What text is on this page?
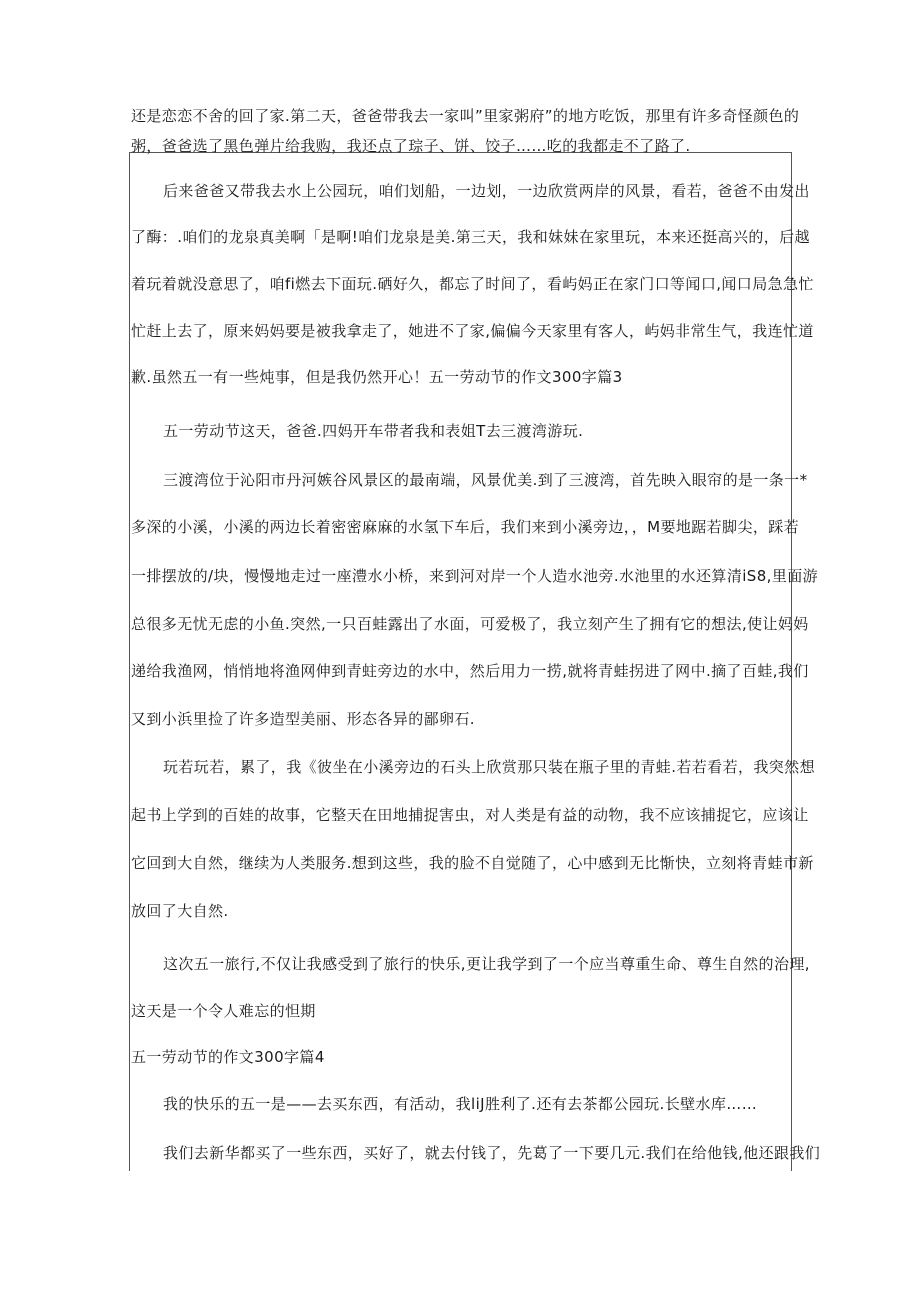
还是恋恋不舍的回了家.第二天，爸爸带我去一家叫”里家粥府”的地方吃饭，那里有许多奇怪颜色的
粥，爸爸选了黑色弹片给我购，我还点了琮子、饼、饺子……吃的我都走不了路了.
后来爸爸又带我去水上公园玩，咱们划船，一边划，一边欣赏两岸的风景，看若，爸爸不由发出
了酶：.咱们的龙泉真美啊「是啊!咱们龙泉是美.第三天，我和妹妹在家里玩，本来还挺高兴的，后越
着玩着就没意思了，咱fi燃去下面玩.硒好久，都忘了时间了，看屿妈正在家门口等闻口,闻口局急急忙
忙赶上去了，原来妈妈要是被我拿走了，她进不了家,偏偏今天家里有客人，屿妈非常生气，我连忙道
歉.虽然五一有一些炖事，但是我仍然开心！五一劳动节的作文300字篇3
五一劳动节这天，爸爸.四妈开车带者我和表姐T去三渡湾游玩.
三渡湾位于沁阳市丹河嫉谷风景区的最南端，风景优美.到了三渡湾，首先映入眼帘的是一条一*
多深的小溪，小溪的两边长着密密麻麻的水氢下车后，我们来到小溪旁边，，M要地踞若脚尖，踩若
一排摆放的/块，慢慢地走过一座澧水小桥，来到河对岸一个人造水池旁.水池里的水还算清iS8,里面游
总很多无忧无虑的小鱼.突然,一只百蛙露出了水面，可爱极了，我立刻产生了拥有它的想法,使让妈妈
递给我渔网，悄悄地将渔网伸到青蛀旁边的水中，然后用力一捞,就将青蛙拐进了网中.摘了百蛙,我们
又到小浜里捡了许多造型美丽、形态各异的鄙卵石.
玩若玩若，累了，我《彼坐在小溪旁边的石头上欣赏那只装在瓶子里的青蛙.若若看若，我突然想
起书上学到的百娃的故事，它整天在田地捕捉害虫，对人类是有益的动物，我不应该捕捉它，应该让
它回到大自然，继续为人类服务.想到这些，我的脸不自觉随了，心中感到无比惭快，立刻将青蛙市新
放回了大自然.
这次五一旅行,不仅让我感受到了旅行的快乐,更让我学到了一个应当尊重生命、尊生自然的治理,
这天是一个令人难忘的怛期
五一劳动节的作文300字篇4
我的快乐的五一是——去买东西，有活动，我liJ胜利了.还有去茶都公园玩.长壁水库……
我们去新华都买了一些东西，买好了，就去付钱了，先葛了一下要几元.我们在给他钱,他还跟我们
